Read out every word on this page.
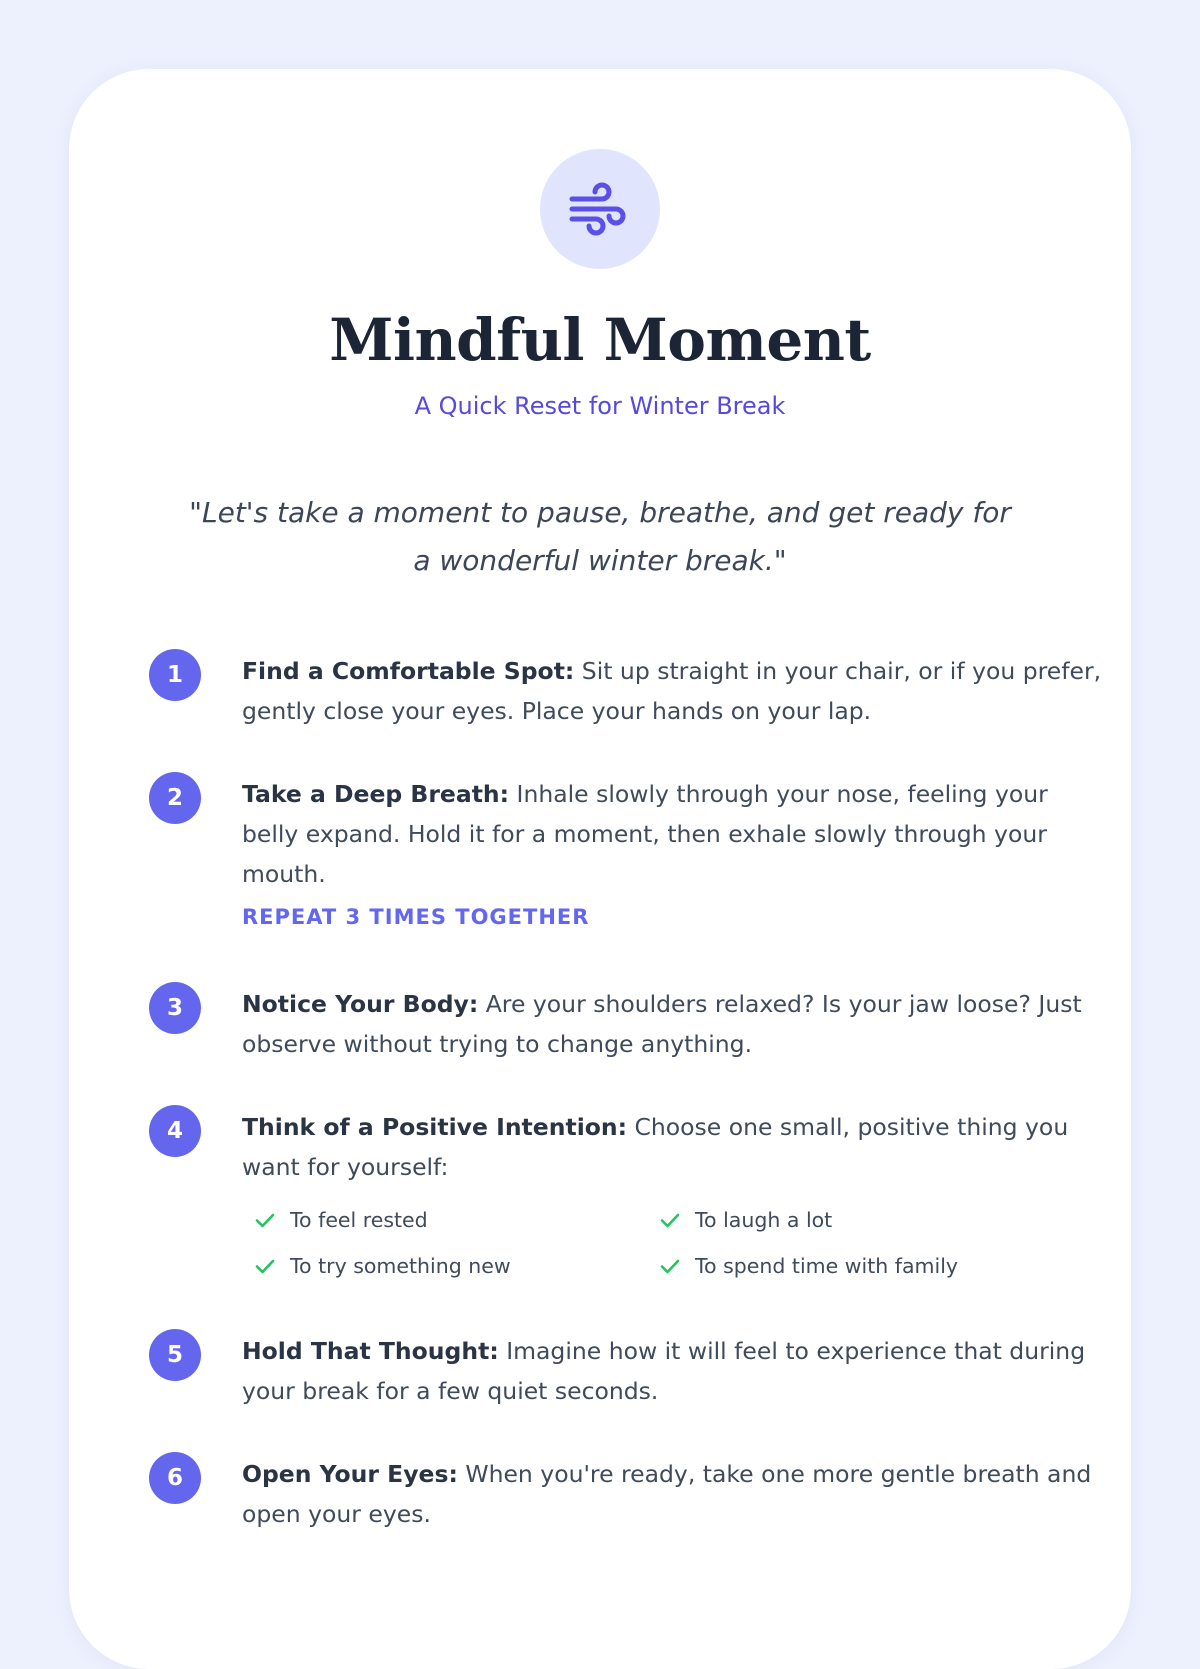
Mindful Moment
A Quick Reset for Winter Break
"Let's take a moment to pause, breathe, and get ready for a wonderful winter break."
1	Find a Comfortable Spot: Sit up straight in your chair, or if you prefer, gently close your eyes. Place your hands on your lap.
2	Take a Deep Breath: Inhale slowly through your nose, feeling your belly expand. Hold it for a moment, then exhale slowly through your mouth.
REPEAT 3 TIMES TOGETHER
3	Notice Your Body: Are your shoulders relaxed? Is your jaw loose? Just observe without trying to change anything.
4	Think of a Positive Intention: Choose one small, positive thing you want for yourself:
To feel rested	To laugh a lot
To try something new	To spend time with family
5	Hold That Thought: Imagine how it will feel to experience that during your break for a few quiet seconds.
6	Open Your Eyes: When you're ready, take one more gentle breath and open your eyes.
